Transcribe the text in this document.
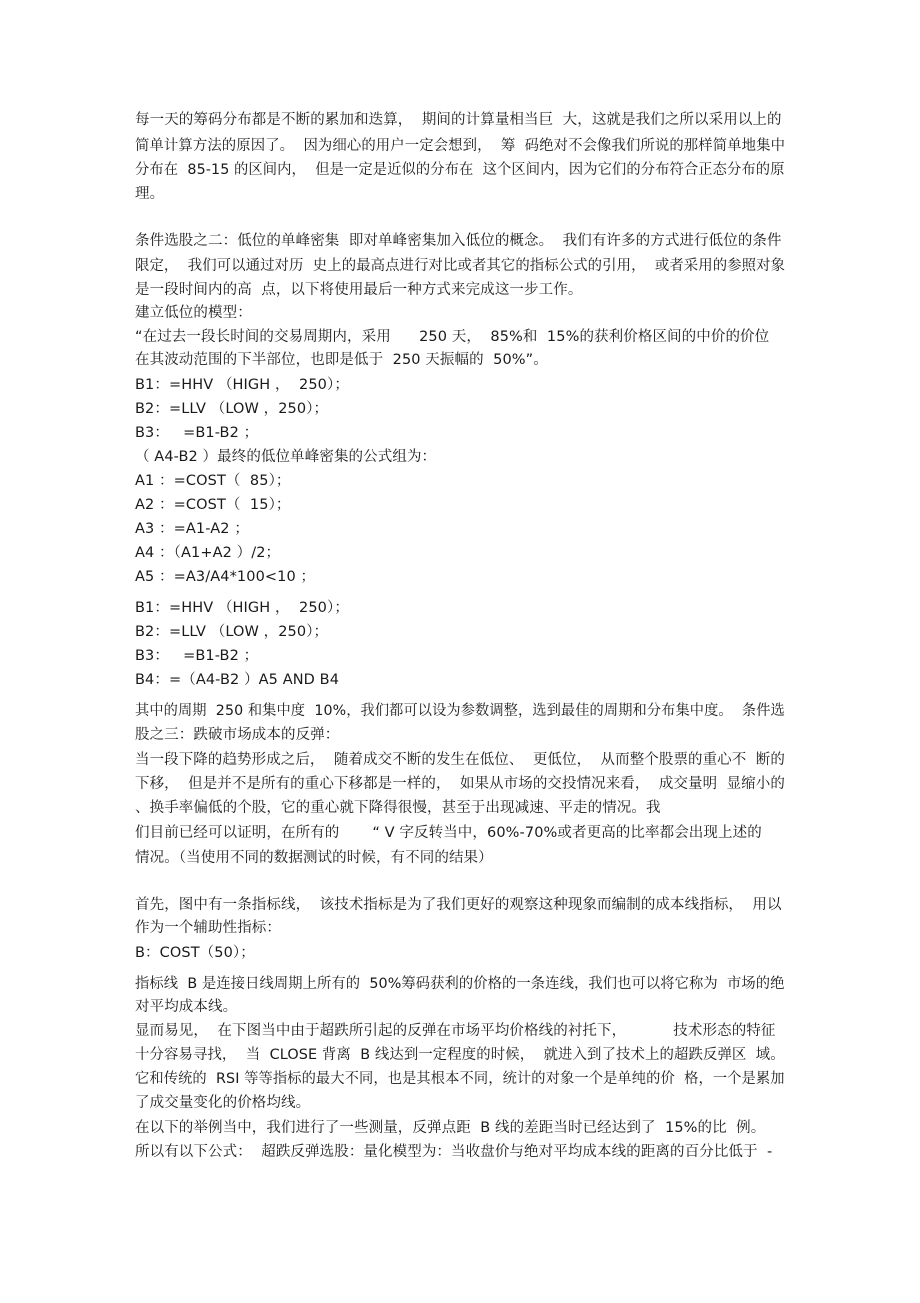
每一天的筹码分布都是不断的累加和迭算，  期间的计算量相当巨  大，这就是我们之所以采用以上的
简单计算方法的原因了。  因为细心的用户一定会想到，  筹  码绝对不会像我们所说的那样简单地集中
分布在  85-15 的区间内，  但是一定是近似的分布在  这个区间内，因为它们的分布符合正态分布的原
理。
条件选股之二：低位的单峰密集  即对单峰密集加入低位的概念。  我们有许多的方式进行低位的条件
限定，  我们可以通过对历  史上的最高点进行对比或者其它的指标公式的引用，  或者采用的参照对象
是一段时间内的高  点，以下将使用最后一种方式来完成这一步工作。
建立低位的模型：
“在过去一段长时间的交易周期内，采用      250 天，  85%和  15%的获利价格区间的中价的价位
在其波动范围的下半部位，也即是低于  250 天振幅的  50%”。
B1：=HHV （HIGH ，  250）；
B2：=LLV （LOW ，250）；
B3：   =B1-B2 ；
（ A4-B2 ）最终的低位单峰密集的公式组为：
A1 ：=COST（  85）；
A2 ：=COST（  15）；
A3 ：=A1-A2 ；
A4 ：（A1+A2 ）/2；
A5 ：=A3/A4*100<10 ；
B1：=HHV （HIGH ，  250）；
B2：=LLV （LOW ，250）；
B3：   =B1-B2 ；
B4：=（A4-B2 ）A5 AND B4
其中的周期  250 和集中度  10%，我们都可以设为参数调整，选到最佳的周期和分布集中度。  条件选
股之三：跌破市场成本的反弹：
当一段下降的趋势形成之后，  随着成交不断的发生在低位、  更低位，  从而整个股票的重心不  断的
下移，  但是并不是所有的重心下移都是一样的，  如果从市场的交投情况来看，  成交量明  显缩小的
、换手率偏低的个股，它的重心就下降得很慢，甚至于出现减速、平走的情况。我
们目前已经可以证明，在所有的       “ V 字反转当中，60%-70%或者更高的比率都会出现上述的
情况。（当使用不同的数据测试的时候，有不同的结果）
首先，图中有一条指标线，  该技术指标是为了我们更好的观察这种现象而编制的成本线指标，  用以
作为一个辅助性指标：
B：COST（50）；
指标线  B 是连接日线周期上所有的  50%筹码获利的价格的一条连线，我们也可以将它称为  市场的绝
对平均成本线。
显而易见，  在下图当中由于超跌所引起的反弹在市场平均价格线的衬托下，          技术形态的特征
十分容易寻找，  当  CLOSE 背离  B 线达到一定程度的时候，  就进入到了技术上的超跌反弹区  域。
它和传统的  RSI 等等指标的最大不同，也是其根本不同，统计的对象一个是单纯的价  格，一个是累加
了成交量变化的价格均线。
在以下的举例当中，我们进行了一些测量，反弹点距  B 线的差距当时已经达到了  15%的比  例。
所以有以下公式：  超跌反弹选股：量化模型为：当收盘价与绝对平均成本线的距离的百分比低于  -
